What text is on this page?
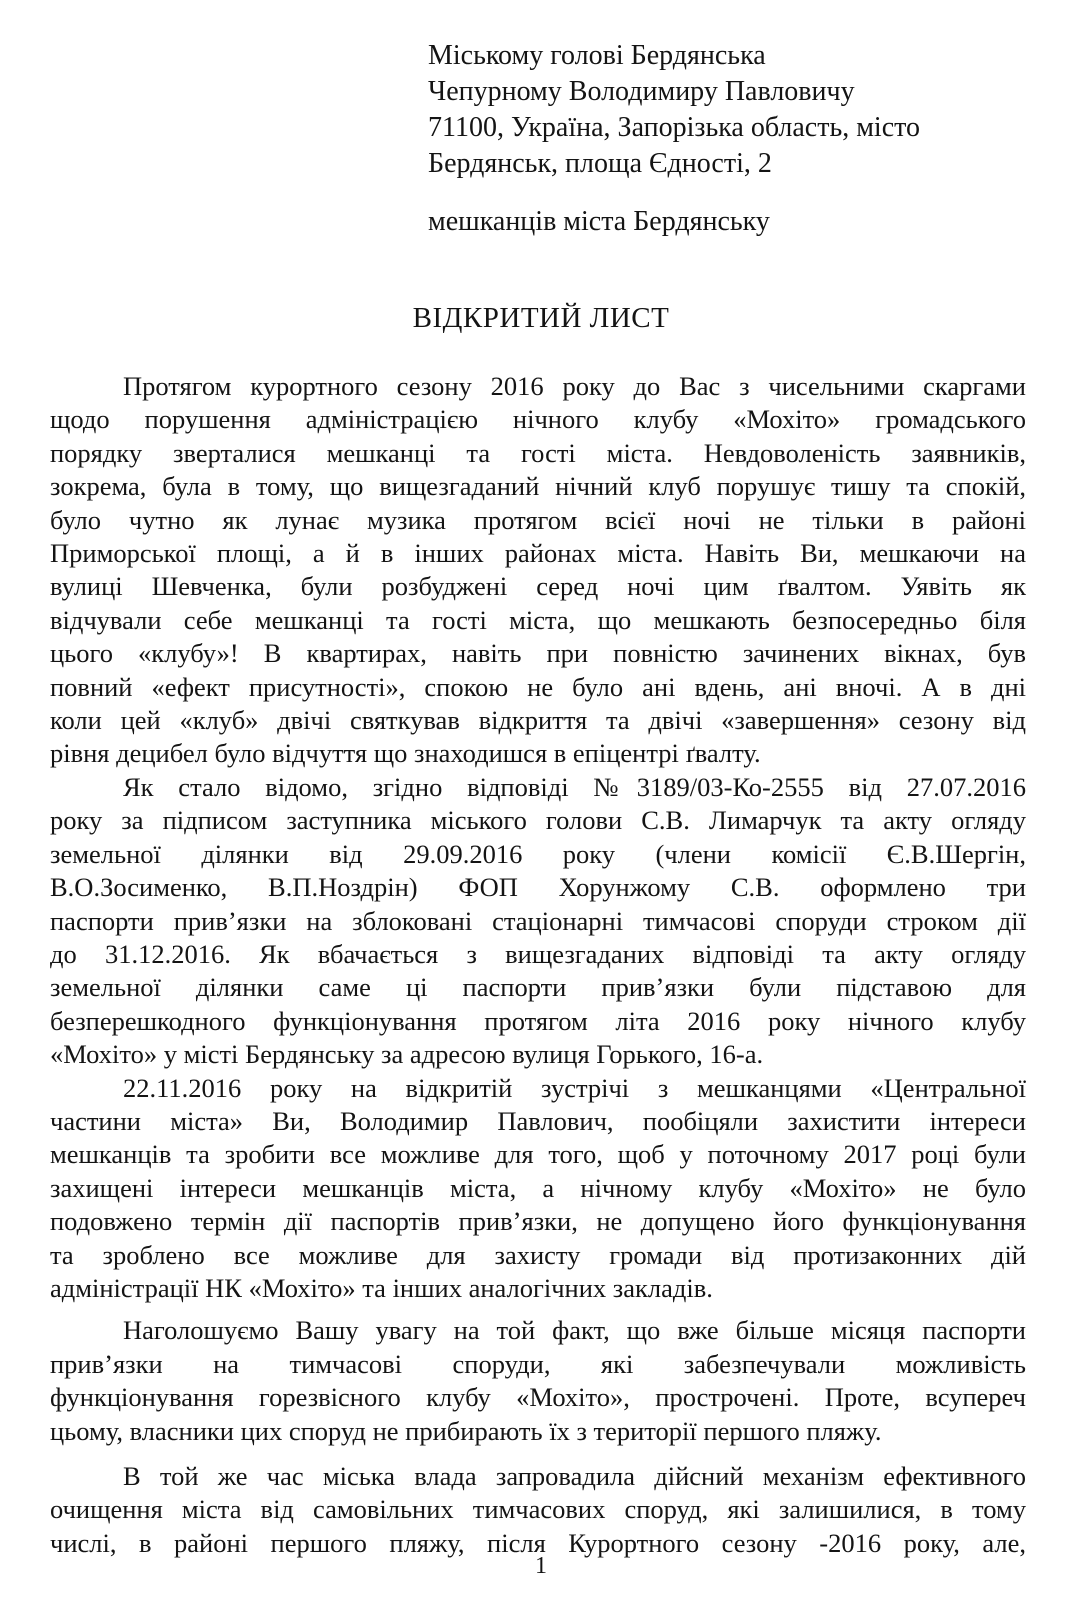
Міському голові Бердянська
Чепурному Володимиру Павловичу
71100, Україна, Запорізька область, місто
Бердянськ, площа Єдності, 2
мешканців міста Бердянську
ВІДКРИТИЙ ЛИСТ
Протягом курортного сезону 2016 року до Вас з чисельними скаргами
щодо порушення адміністрацією нічного клубу «Мохіто» громадського
порядку зверталися мешканці та гості міста. Невдоволеність заявників,
зокрема, була в тому, що вищезгаданий нічний клуб порушує тишу та спокій,
було чутно як лунає музика протягом всієї ночі не тільки в районі
Приморської площі, а й в інших районах міста. Навіть Ви, мешкаючи на
вулиці Шевченка, були розбуджені серед ночі цим ґвалтом. Уявіть як
відчували себе мешканці та гості міста, що мешкають безпосередньо біля
цього «клубу»! В квартирах, навіть при повністю зачинених вікнах, був
повний «ефект присутності», спокою не було ані вдень, ані вночі. А в дні
коли цей «клуб» двічі святкував відкриття та двічі «завершення» сезону від
рівня децибел було відчуття що знаходишся в епіцентрі ґвалту.
Як стало відомо, згідно відповіді №3189/03-Ко-2555 від 27.07.2016
року за підписом заступника міського голови С.В. Лимарчук та акту огляду
земельної ділянки від 29.09.2016 року (члени комісії Є.В.Шергін,
В.О.Зосименко, В.П.Ноздрін) ФОП Хорунжому С.В. оформлено три
паспорти прив’язки на зблоковані стаціонарні тимчасові споруди строком дії
до 31.12.2016. Як вбачається з вищезгаданих відповіді та акту огляду
земельної ділянки саме ці паспорти прив’язки були підставою для
безперешкодного функціонування протягом літа 2016 року нічного клубу
«Мохіто» у місті Бердянську за адресою вулиця Горького, 16-а.
22.11.2016 року на відкритій зустрічі з мешканцями «Центральної
частини міста» Ви, Володимир Павлович, пообіцяли захистити інтереси
мешканців та зробити все можливе для того, щоб у поточному 2017 році були
захищені інтереси мешканців міста, а нічному клубу «Мохіто» не було
подовжено термін дії паспортів прив’язки, не допущено його функціонування
та зроблено все можливе для захисту громади від протизаконних дій
адміністрації НК «Мохіто» та інших аналогічних закладів.
Наголошуємо Вашу увагу на той факт, що вже більше місяця паспорти
прив’язки на тимчасові споруди, які забезпечували можливість
функціонування горезвісного клубу «Мохіто», прострочені. Проте, всупереч
цьому, власники цих споруд не прибирають їх з території першого пляжу.
В той же час міська влада запровадила дійсний механізм ефективного
очищення міста від самовільних тимчасових споруд, які залишилися, в тому
числі, в районі першого пляжу, після Курортного сезону -2016 року, але,
1
